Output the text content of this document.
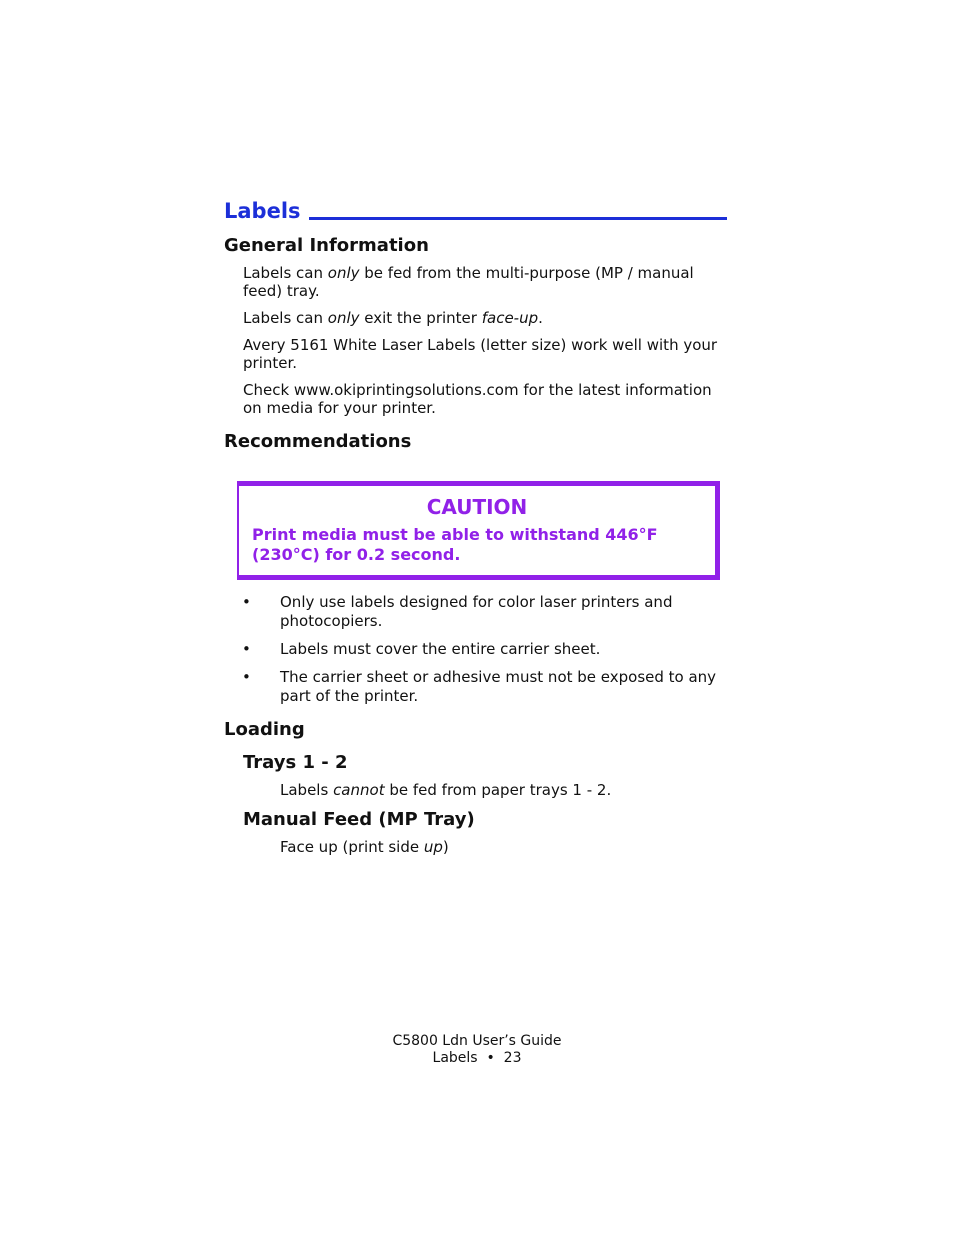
Labels
General Information
Labels can only be fed from the multi-purpose (MP / manual feed) tray.
Labels can only exit the printer face-up.
Avery 5161 White Laser Labels (letter size) work well with your printer.
Check www.okiprintingsolutions.com for the latest information on media for your printer.
Recommendations
CAUTION
Print media must be able to withstand 446°F (230°C) for 0.2 second.
• Only use labels designed for color laser printers and photocopiers.
• Labels must cover the entire carrier sheet.
• The carrier sheet or adhesive must not be exposed to any part of the printer.
Loading
Trays 1 - 2
Labels cannot be fed from paper trays 1 - 2.
Manual Feed (MP Tray)
Face up (print side up)
C5800 Ldn User’s Guide
Labels • 23
